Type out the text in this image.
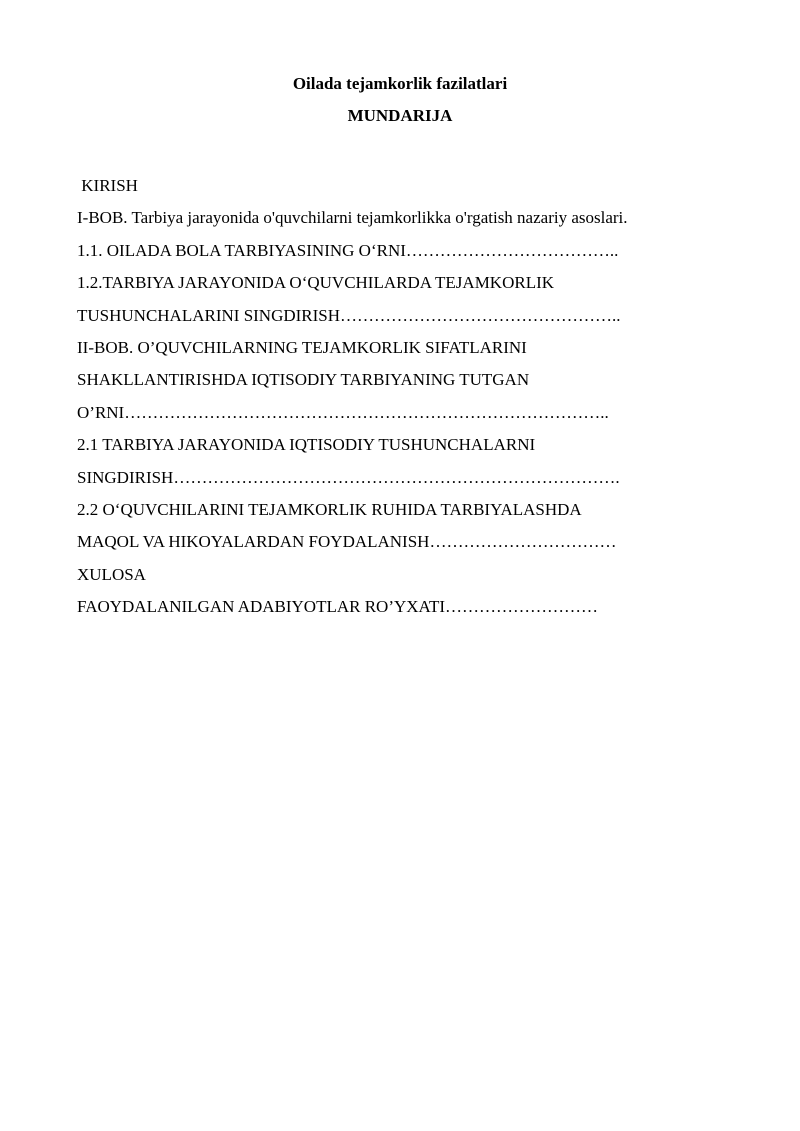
Oilada tejamkorlik fazilatlari
MUNDARIJA
KIRISH
I-BOB. Tarbiya jarayonida o'quvchilarni tejamkorlikka o'rgatish nazariy asoslari.
1.1. OILADA BOLA TARBIYASINING O‘RNI………………………………..
1.2.TARBIYA JARAYONIDA O‘QUVCHILARDA TEJAMKORLIK
TUSHUNCHALARINI SINGDIRISH…………………………………………..
II-BOB. O’QUVCHILARNING TEJAMKORLIK SIFATLARINI
SHAKLLANTIRISHDA IQTISODIY TARBIYANING TUTGAN
O’RNI…………………………………………………………………………..
2.1 TARBIYA JARAYONIDA IQTISODIY TUSHUNCHALARNI
SINGDIRISH…………………………………………………………………….
2.2 O‘QUVCHILARINI TEJAMKORLIK RUHIDA TARBIYALASHDA
MAQOL VA HIKOYALARDAN FOYDALANISH……………………………
XULOSA
FAOYDALANILGAN ADABIYOTLAR RO’YXATI………………………
